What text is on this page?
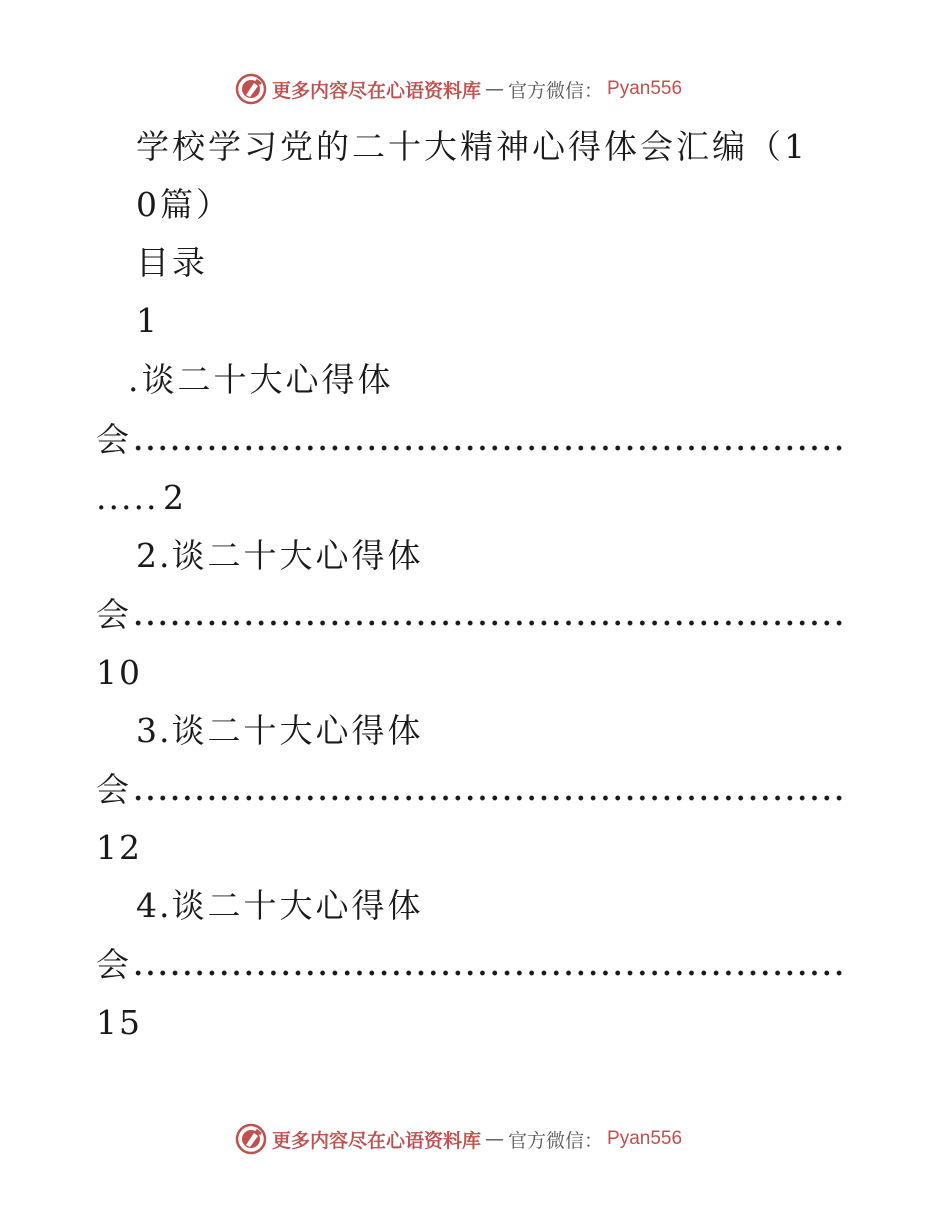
更多内容尽在心语资料库 — 官方微信： Pyan556
学校学习党的二十大精神心得体会汇编（1
0篇）
目录
1
.谈二十大心得体
会
..... 2
2.谈二十大心得体
会
10
3.谈二十大心得体
会
12
4.谈二十大心得体
会
15
更多内容尽在心语资料库 — 官方微信： Pyan556
